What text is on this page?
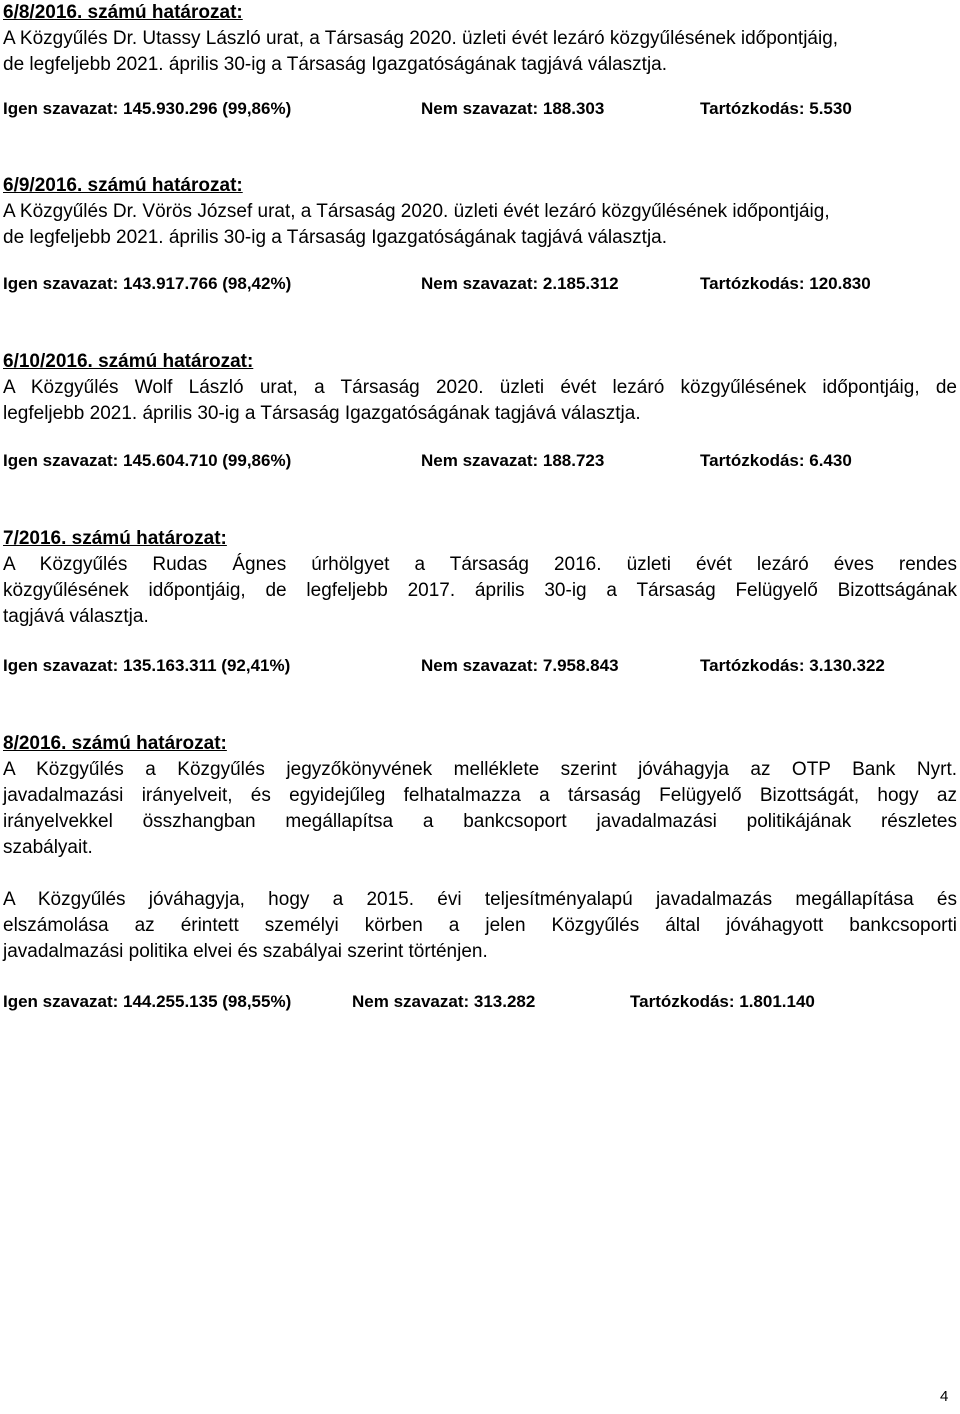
6/8/2016. számú határozat:
A Közgyűlés Dr. Utassy László urat, a Társaság 2020. üzleti évét lezáró közgyűlésének időpontjáig,
de legfeljebb 2021. április 30-ig a Társaság Igazgatóságának tagjává választja.
Igen szavazat: 145.930.296 (99,86%)	Nem szavazat: 188.303	Tartózkodás: 5.530
6/9/2016. számú határozat:
A Közgyűlés Dr. Vörös József urat, a Társaság 2020. üzleti évét lezáró közgyűlésének időpontjáig,
de legfeljebb 2021. április 30-ig a Társaság Igazgatóságának tagjává választja.
Igen szavazat: 143.917.766 (98,42%)	Nem szavazat: 2.185.312	Tartózkodás: 120.830
6/10/2016. számú határozat:
A Közgyűlés Wolf László urat, a Társaság 2020. üzleti évét lezáró közgyűlésének időpontjáig, de
legfeljebb 2021. április 30-ig a Társaság Igazgatóságának tagjává választja.
Igen szavazat: 145.604.710 (99,86%)	Nem szavazat: 188.723	Tartózkodás: 6.430
7/2016. számú határozat:
A Közgyűlés Rudas Ágnes úrhölgyet a Társaság 2016. üzleti évét lezáró éves rendes
közgyűlésének időpontjáig, de legfeljebb 2017. április 30-ig a Társaság Felügyelő Bizottságának
tagjává választja.
Igen szavazat: 135.163.311 (92,41%)	Nem szavazat: 7.958.843	Tartózkodás: 3.130.322
8/2016. számú határozat:
A Közgyűlés a Közgyűlés jegyzőkönyvének melléklete szerint jóváhagyja az OTP Bank Nyrt.
javadalmazási irányelveit, és egyidejűleg felhatalmazza a társaság Felügyelő Bizottságát, hogy az
irányelvekkel összhangban megállapítsa a bankcsoport javadalmazási politikájának részletes
szabályait.
A Közgyűlés jóváhagyja, hogy a 2015. évi teljesítményalapú javadalmazás megállapítása és
elszámolása az érintett személyi körben a jelen Közgyűlés által jóváhagyott bankcsoporti
javadalmazási politika elvei és szabályai szerint történjen.
Igen szavazat: 144.255.135 (98,55%)	Nem szavazat: 313.282	Tartózkodás: 1.801.140
4
